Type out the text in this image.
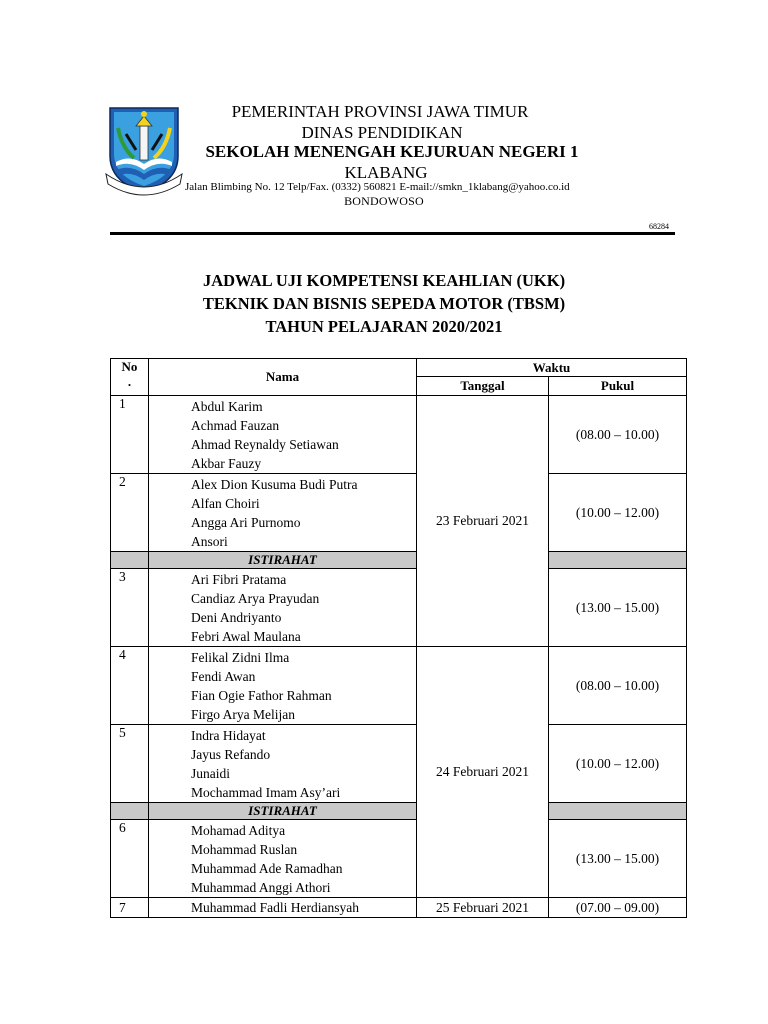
PEMERINTAH PROVINSI JAWA TIMUR
DINAS PENDIDIKAN
SEKOLAH MENENGAH KEJURUAN NEGERI 1
KLABANG
Jalan Blimbing No. 12 Telp/Fax. (0332) 560821 E-mail://smkn_1klabang@yahoo.co.id
BONDOWOSO
68284
JADWAL UJI KOMPETENSI KEAHLIAN (UKK)
TEKNIK DAN BISNIS SEPEDA MOTOR (TBSM)
TAHUN PELAJARAN 2020/2021
No
.	Nama	Waktu	
		Tanggal	Pukul
1	Abdul Karim
Achmad Fauzan
Ahmad Reynaldy Setiawan
Akbar Fauzy	23 Februari 2021	(08.00 – 10.00)
2	Alex Dion Kusuma Budi Putra
Alfan Choiri
Angga Ari Purnomo
Ansori		(10.00 – 12.00)
	ISTIRAHAT		
3	Ari Fibri Pratama
Candiaz Arya Prayudan
Deni Andriyanto
Febri Awal Maulana		(13.00 – 15.00)
4	Felikal Zidni Ilma
Fendi Awan
Fian Ogie Fathor Rahman
Firgo Arya Melijan	24 Februari 2021	(08.00 – 10.00)
5	Indra Hidayat
Jayus Refando
Junaidi
Mochammad Imam Asy’ari		(10.00 – 12.00)
	ISTIRAHAT		
6	Mohamad Aditya
Mohammad Ruslan
Muhammad Ade Ramadhan
Muhammad Anggi Athori		(13.00 – 15.00)
7	Muhammad Fadli Herdiansyah	25 Februari 2021	(07.00 – 09.00)
